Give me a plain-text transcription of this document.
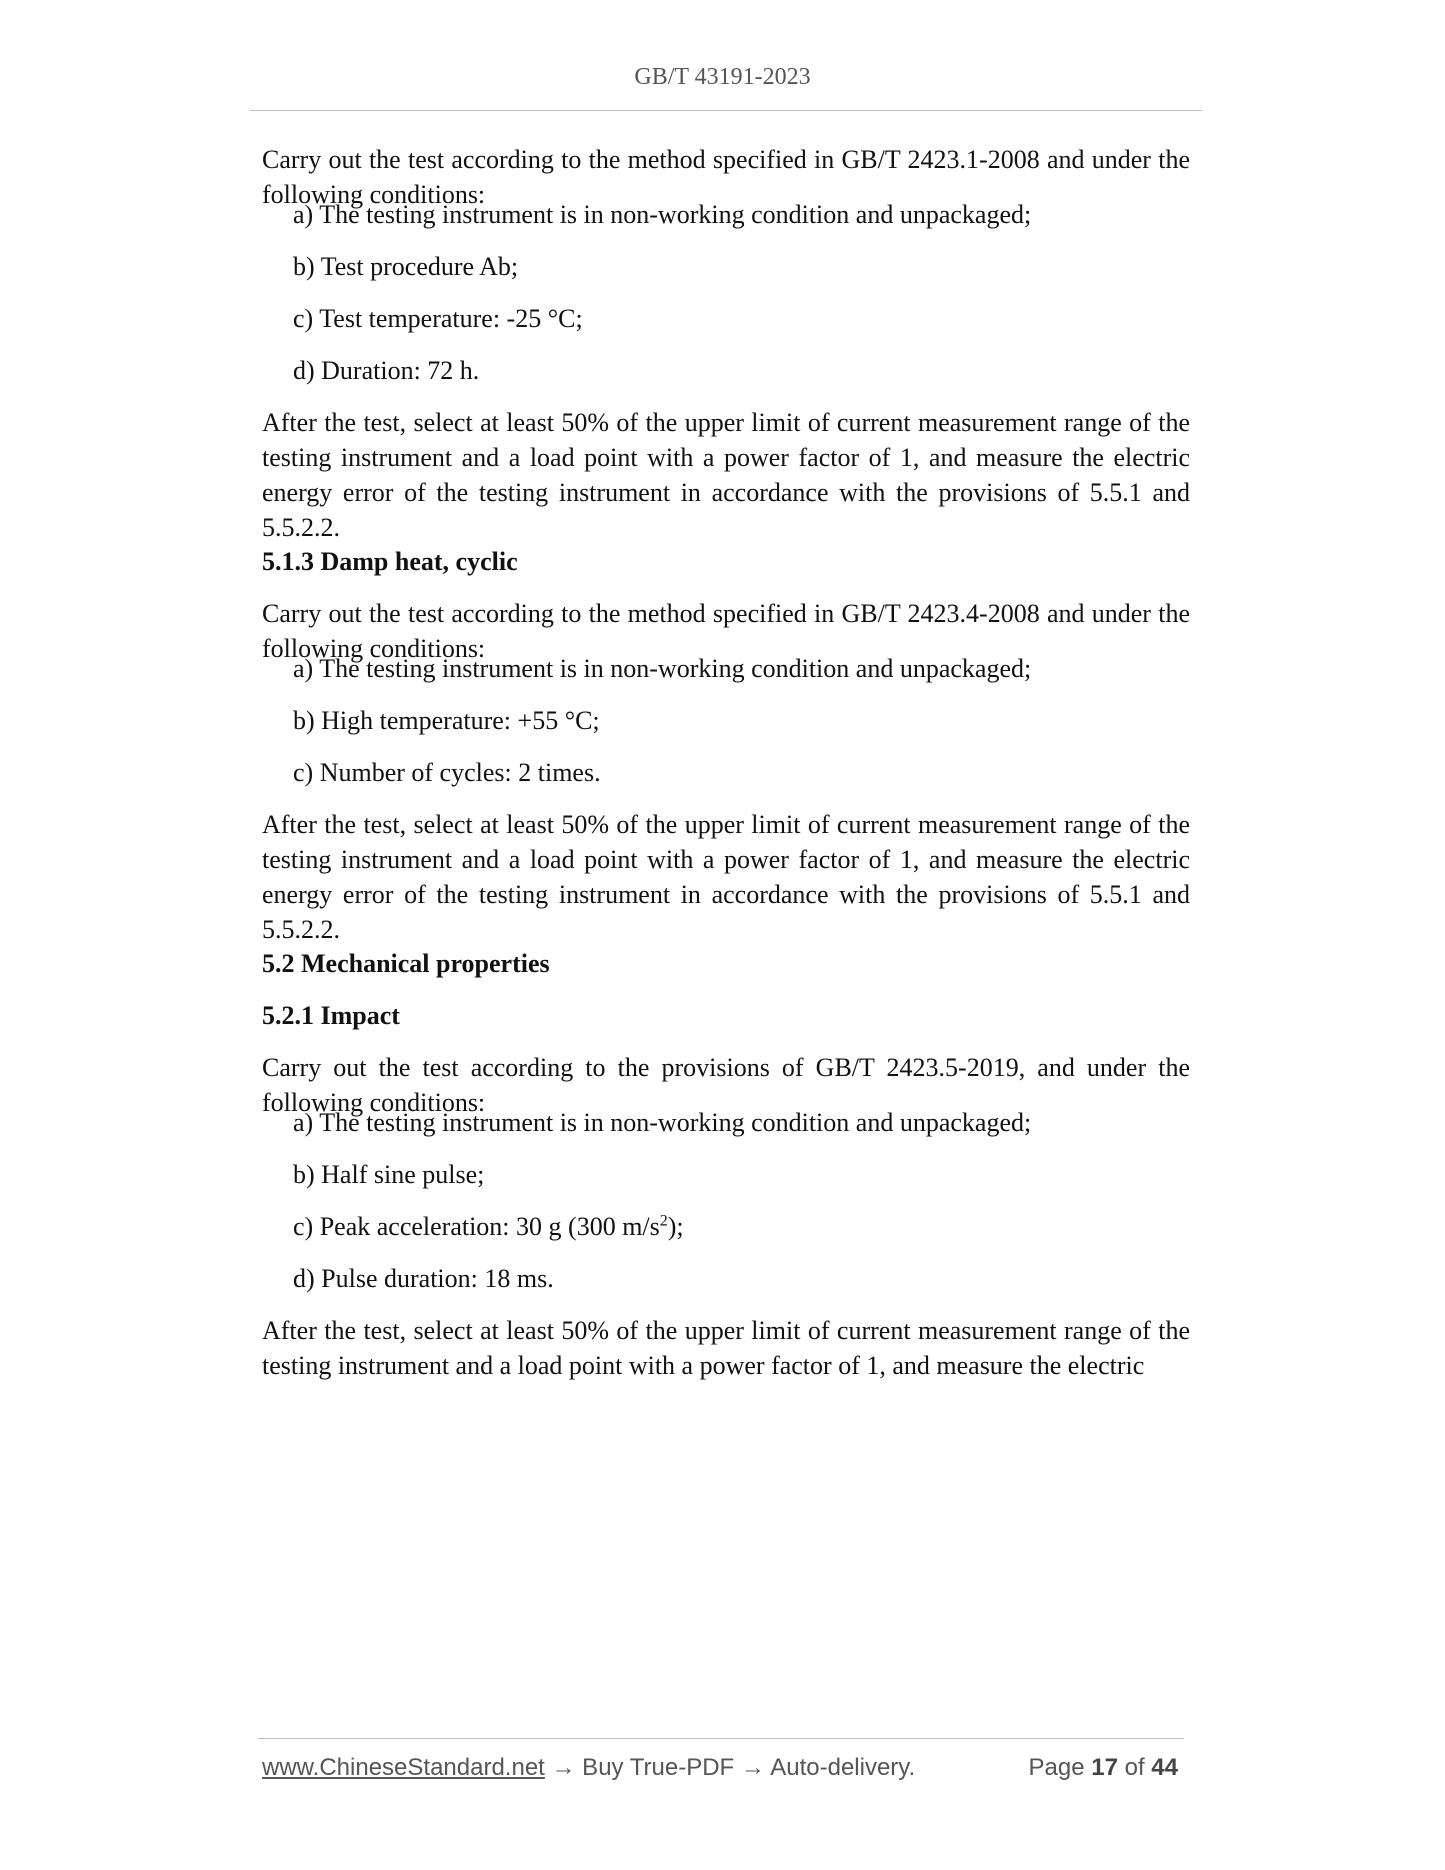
GB/T 43191-2023

Carry out the test according to the method specified in GB/T 2423.1-2008 and under the following conditions:

a) The testing instrument is in non-working condition and unpackaged;
b) Test procedure Ab;
c) Test temperature: -25 °C;
d) Duration: 72 h.

After the test, select at least 50% of the upper limit of current measurement range of the testing instrument and a load point with a power factor of 1, and measure the electric energy error of the testing instrument in accordance with the provisions of 5.5.1 and 5.5.2.2.

5.1.3 Damp heat, cyclic

Carry out the test according to the method specified in GB/T 2423.4-2008 and under the following conditions:

a) The testing instrument is in non-working condition and unpackaged;
b) High temperature: +55 °C;
c) Number of cycles: 2 times.

After the test, select at least 50% of the upper limit of current measurement range of the testing instrument and a load point with a power factor of 1, and measure the electric energy error of the testing instrument in accordance with the provisions of 5.5.1 and 5.5.2.2.

5.2 Mechanical properties
5.2.1 Impact

Carry out the test according to the provisions of GB/T 2423.5-2019, and under the following conditions:

a) The testing instrument is in non-working condition and unpackaged;
b) Half sine pulse;
c) Peak acceleration: 30 g (300 $m/s^2$);
d) Pulse duration: 18 ms.

After the test, select at least 50% of the upper limit of current measurement range of the testing instrument and a load point with a power factor of 1, and measure the electric

www.ChineseStandard.net → Buy True-PDF → Auto-delivery.	Page 17 of 44
